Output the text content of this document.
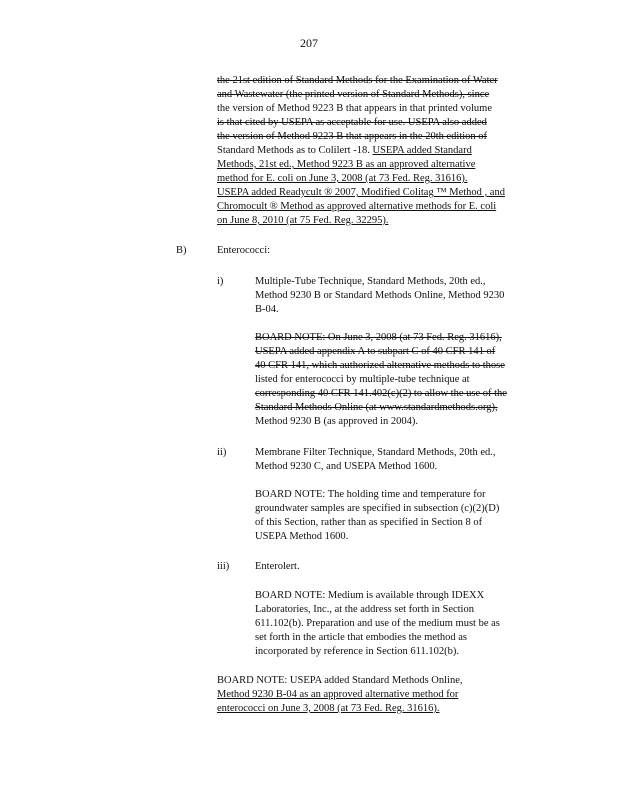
207
the 21st edition of Standard Methods for the Examination of Water
and Wastewater (the printed version of Standard Methods), since
the version of Method 9223 B that appears in that printed volume
is that cited by USEPA as acceptable for use. USEPA also added
the version of Method 9223 B that appears in the 20th edition of
Standard Methods as to Colilert -18. USEPA added Standard
Methods, 21st ed., Method 9223 B as an approved alternative
method for E. coli on June 3, 2008 (at 73 Fed. Reg. 31616).
USEPA added Readycult ® 2007, Modified Colitag ™ Method , and
Chromocult ® Method as approved alternative methods for E. coli
on June 8, 2010 (at 75 Fed. Reg. 32295).
B)	Enterococci:
i)	Multiple-Tube Technique, Standard Methods, 20th ed.,
Method 9230 B or Standard Methods Online, Method 9230
B-04.
BOARD NOTE: On June 3, 2008 (at 73 Fed. Reg. 31616),
USEPA added appendix A to subpart C of 40 CFR 141 of
40 CFR 141, which authorized alternative methods to those
listed for enterococci by multiple-tube technique at
corresponding 40 CFR 141.402(c)(2) to allow the use of the
Standard Methods Online (at www.standardmethods.org),
Method 9230 B (as approved in 2004).
ii)	Membrane Filter Technique, Standard Methods, 20th ed.,
Method 9230 C, and USEPA Method 1600.
BOARD NOTE: The holding time and temperature for
groundwater samples are specified in subsection (c)(2)(D)
of this Section, rather than as specified in Section 8 of
USEPA Method 1600.
iii) Enterolert.
BOARD NOTE: Medium is available through IDEXX
Laboratories, Inc., at the address set forth in Section
611.102(b). Preparation and use of the medium must be as
set forth in the article that embodies the method as
incorporated by reference in Section 611.102(b).
BOARD NOTE: USEPA added Standard Methods Online,
Method 9230 B-04 as an approved alternative method for
enterococci on June 3, 2008 (at 73 Fed. Reg. 31616).
